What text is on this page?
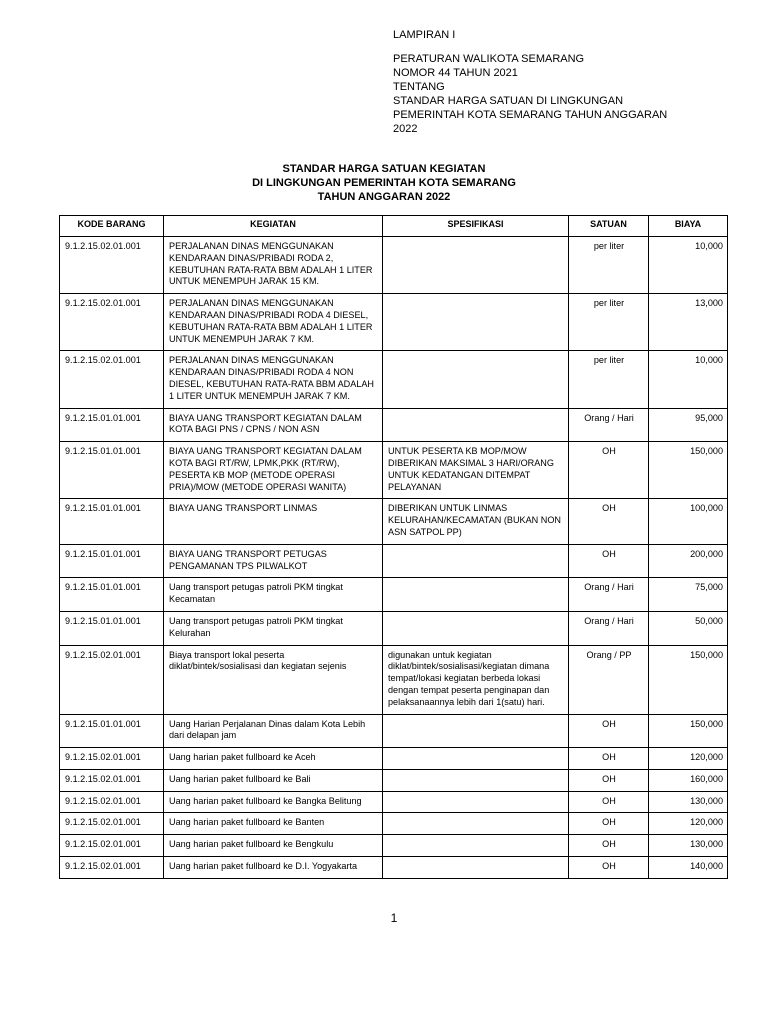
LAMPIRAN I
PERATURAN WALIKOTA SEMARANG
NOMOR 44 TAHUN 2021
TENTANG
STANDAR HARGA SATUAN DI LINGKUNGAN
PEMERINTAH KOTA SEMARANG TAHUN ANGGARAN
2022
STANDAR HARGA SATUAN KEGIATAN
DI LINGKUNGAN PEMERINTAH KOTA SEMARANG
TAHUN ANGGARAN 2022
KODE BARANG	KEGIATAN	SPESIFIKASI	SATUAN	BIAYA
9.1.2.15.02.01.001	PERJALANAN DINAS MENGGUNAKAN KENDARAAN DINAS/PRIBADI RODA 2, KEBUTUHAN RATA-RATA BBM ADALAH 1 LITER UNTUK MENEMPUH JARAK 15 KM.		per liter	10,000
9.1.2.15.02.01.001	PERJALANAN DINAS MENGGUNAKAN KENDARAAN DINAS/PRIBADI RODA 4 DIESEL, KEBUTUHAN RATA-RATA BBM ADALAH 1 LITER UNTUK MENEMPUH JARAK 7 KM.		per liter	13,000
9.1.2.15.02.01.001	PERJALANAN DINAS MENGGUNAKAN KENDARAAN DINAS/PRIBADI RODA 4 NON DIESEL, KEBUTUHAN RATA-RATA BBM ADALAH 1 LITER UNTUK MENEMPUH JARAK 7 KM.		per liter	10,000
9.1.2.15.01.01.001	BIAYA UANG TRANSPORT KEGIATAN DALAM KOTA BAGI PNS / CPNS / NON ASN		Orang / Hari	95,000
9.1.2.15.01.01.001	BIAYA UANG TRANSPORT KEGIATAN DALAM KOTA BAGI RT/RW, LPMK,PKK (RT/RW), PESERTA KB MOP (METODE OPERASI PRIA)/MOW (METODE OPERASI WANITA)	UNTUK PESERTA KB MOP/MOW DIBERIKAN MAKSIMAL 3 HARI/ORANG UNTUK KEDATANGAN DITEMPAT PELAYANAN	OH	150,000
9.1.2.15.01.01.001	BIAYA UANG TRANSPORT LINMAS	DIBERIKAN UNTUK LINMAS KELURAHAN/KECAMATAN (BUKAN NON ASN SATPOL PP)	OH	100,000
9.1.2.15.01.01.001	BIAYA UANG TRANSPORT PETUGAS PENGAMANAN TPS PILWALKOT		OH	200,000
9.1.2.15.01.01.001	Uang transport petugas patroli PKM tingkat Kecamatan		Orang / Hari	75,000
9.1.2.15.01.01.001	Uang transport petugas patroli PKM tingkat Kelurahan		Orang / Hari	50,000
9.1.2.15.02.01.001	Biaya transport lokal peserta diklat/bintek/sosialisasi dan kegiatan sejenis	digunakan untuk kegiatan diklat/bintek/sosialisasi/kegiatan dimana tempat/lokasi kegiatan berbeda lokasi dengan tempat peserta penginapan dan pelaksanaannya lebih dari 1(satu) hari.	Orang / PP	150,000
9.1.2.15.01.01.001	Uang Harian Perjalanan Dinas dalam Kota Lebih dari delapan jam		OH	150,000
9.1.2.15.02.01.001	Uang harian paket fullboard ke Aceh		OH	120,000
9.1.2.15.02.01.001	Uang harian paket fullboard ke Bali		OH	160,000
9.1.2.15.02.01.001	Uang harian paket fullboard ke Bangka Belitung		OH	130,000
9.1.2.15.02.01.001	Uang harian paket fullboard ke Banten		OH	120,000
9.1.2.15.02.01.001	Uang harian paket fullboard ke Bengkulu		OH	130,000
9.1.2.15.02.01.001	Uang harian paket fullboard ke D.I. Yogyakarta		OH	140,000
1
